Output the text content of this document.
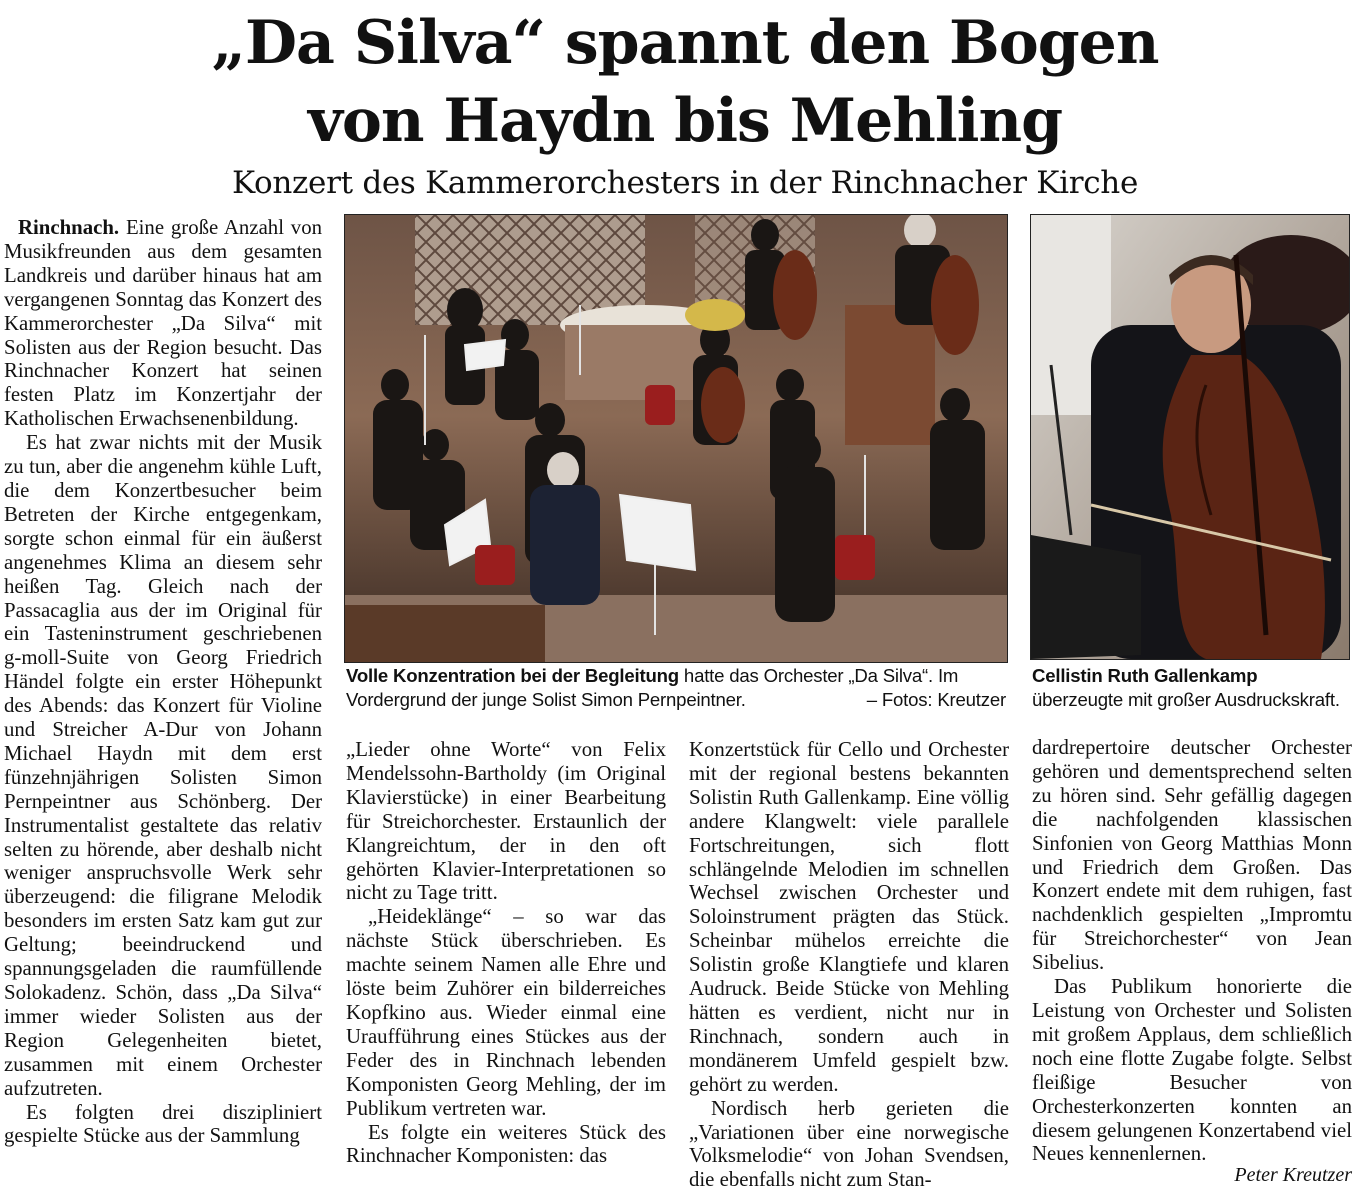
„Da Silva“ spannt den Bogen
von Haydn bis Mehling
Konzert des Kammerorchesters in der Rinchnacher Kirche

Rinchnach. Eine große Anzahl von Musikfreunden aus dem gesamten Landkreis und darüber hinaus hat am vergangenen Sonntag das Konzert des Kammerorchester „Da Silva“ mit Solisten aus der Region besucht. Das Rinchnacher Konzert hat seinen festen Platz im Konzertjahr der Katholischen Erwachsenenbildung.

Es hat zwar nichts mit der Musik zu tun, aber die angenehm kühle Luft, die dem Konzertbesucher beim Betreten der Kirche entgegenkam, sorgte schon einmal für ein äußerst angenehmes Klima an diesem sehr heißen Tag. Gleich nach der Passacaglia aus der im Original für ein Tasteninstrument geschriebenen g-moll-Suite von Georg Friedrich Händel folgte ein erster Höhepunkt des Abends: das Konzert für Violine und Streicher A-Dur von Johann Michael Haydn mit dem erst fünzehnjährigen Solisten Simon Pernpeintner aus Schönberg. Der Instrumentalist gestaltete das relativ selten zu hörende, aber deshalb nicht weniger anspruchsvolle Werk sehr überzeugend: die filigrane Melodik besonders im ersten Satz kam gut zur Geltung; beeindruckend und spannungsgeladen die raumfüllende Solokadenz. Schön, dass „Da Silva“ immer wieder Solisten aus der Region Gelegenheiten bietet, zusammen mit einem Orchester aufzutreten.

Es folgten drei diszipliniert gespielte Stücke aus der Sammlung

Volle Konzentration bei der Begleitung hatte das Orchester „Da Silva“. Im Vordergrund der junge Solist Simon Pernpeintner.	– Fotos: Kreutzer
Cellistin Ruth Gallenkamp überzeugte mit großer Ausdruckskraft.

„Lieder ohne Worte“ von Felix Mendelssohn-Bartholdy (im Original Klavierstücke) in einer Bearbeitung für Streichorchester. Erstaunlich der Klangreichtum, der in den oft gehörten Klavier-Interpretationen so nicht zu Tage tritt.

„Heideklänge“ – so war das nächste Stück überschrieben. Es machte seinem Namen alle Ehre und löste beim Zuhörer ein bilderreiches Kopfkino aus. Wieder einmal eine Uraufführung eines Stückes aus der Feder des in Rinchnach lebenden Komponisten Georg Mehling, der im Publikum vertreten war.

Es folgte ein weiteres Stück des Rinchnacher Komponisten: das

Konzertstück für Cello und Orchester mit der regional bestens bekannten Solistin Ruth Gallenkamp. Eine völlig andere Klangwelt: viele parallele Fortschreitungen, sich flott schlängelnde Melodien im schnellen Wechsel zwischen Orchester und Soloinstrument prägten das Stück. Scheinbar mühelos erreichte die Solistin große Klangtiefe und klaren Audruck. Beide Stücke von Mehling hätten es verdient, nicht nur in Rinchnach, sondern auch in mondänerem Umfeld gespielt bzw. gehört zu werden.

Nordisch herb gerieten die „Variationen über eine norwegische Volksmelodie“ von Johan Svendsen, die ebenfalls nicht zum Stan-

dardrepertoire deutscher Orchester gehören und dementsprechend selten zu hören sind. Sehr gefällig dagegen die nachfolgenden klassischen Sinfonien von Georg Matthias Monn und Friedrich dem Großen. Das Konzert endete mit dem ruhigen, fast nachdenklich gespielten „Impromtu für Streichorchester“ von Jean Sibelius.

Das Publikum honorierte die Leistung von Orchester und Solisten mit großem Applaus, dem schließlich noch eine flotte Zugabe folgte. Selbst fleißige Besucher von Orchesterkonzerten konnten an diesem gelungenen Konzertabend viel Neues kennenlernen.

Peter Kreutzer
